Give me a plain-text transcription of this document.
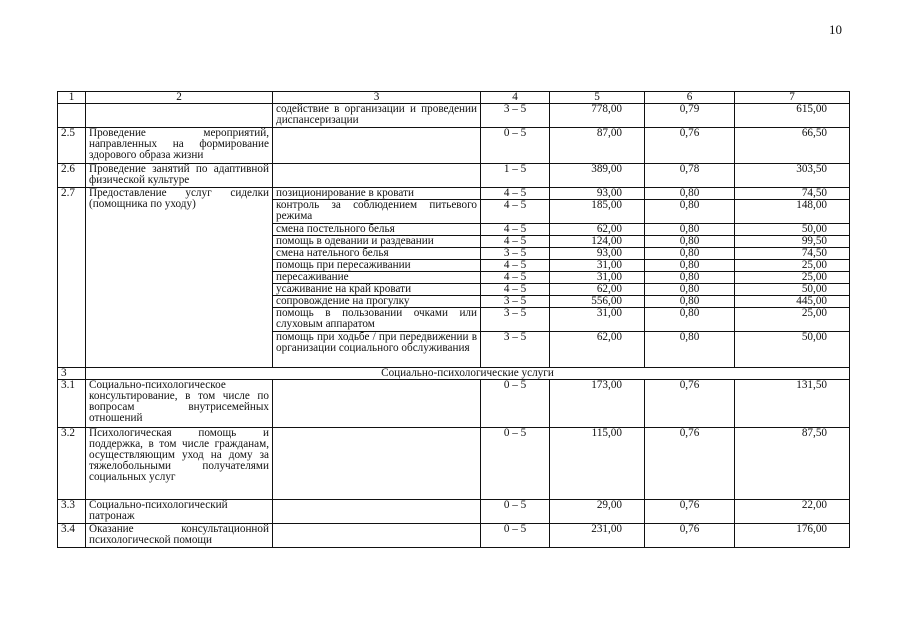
10
1	2	3	4	5	6	7
		содействие в организации и проведении диспансеризации	3 – 5	778,00	0,79	615,00
2.5	Проведение мероприятий, направленных на формирование здорового образа жизни		0 – 5	87,00	0,76	66,50
2.6	Проведение занятий по адаптивной физической культуре		1 – 5	389,00	0,78	303,50
2.7	Предоставление услуг сиделки (помощника по уходу)	позиционирование в кровати	4 – 5	93,00	0,80	74,50
		контроль за соблюдением питьевого режима	4 – 5	185,00	0,80	148,00
		смена постельного белья	4 – 5	62,00	0,80	50,00
		помощь в одевании и раздевании	4 – 5	124,00	0,80	99,50
		смена нательного белья	3 – 5	93,00	0,80	74,50
		помощь при пересаживании	4 – 5	31,00	0,80	25,00
		пересаживание	4 – 5	31,00	0,80	25,00
		усаживание на край кровати	4 – 5	62,00	0,80	50,00
		сопровождение на прогулку	3 – 5	556,00	0,80	445,00
		помощь в пользовании очками или слуховым аппаратом	3 – 5	31,00	0,80	25,00
		помощь при ходьбе / при передвижении в организации социального обслуживания	3 – 5	62,00	0,80	50,00
3	Социально-психологические услуги					
3.1	Социально-психологическое консультирование, в том числе по вопросам внутрисемейных отношений		0 – 5	173,00	0,76	131,50
3.2	Психологическая помощь и поддержка, в том числе гражданам, осуществляющим уход на дому за тяжелобольными получателями социальных услуг		0 – 5	115,00	0,76	87,50
3.3	Социально-психологический патронаж		0 – 5	29,00	0,76	22,00
3.4	Оказание консультационной психологической помощи		0 – 5	231,00	0,76	176,00
